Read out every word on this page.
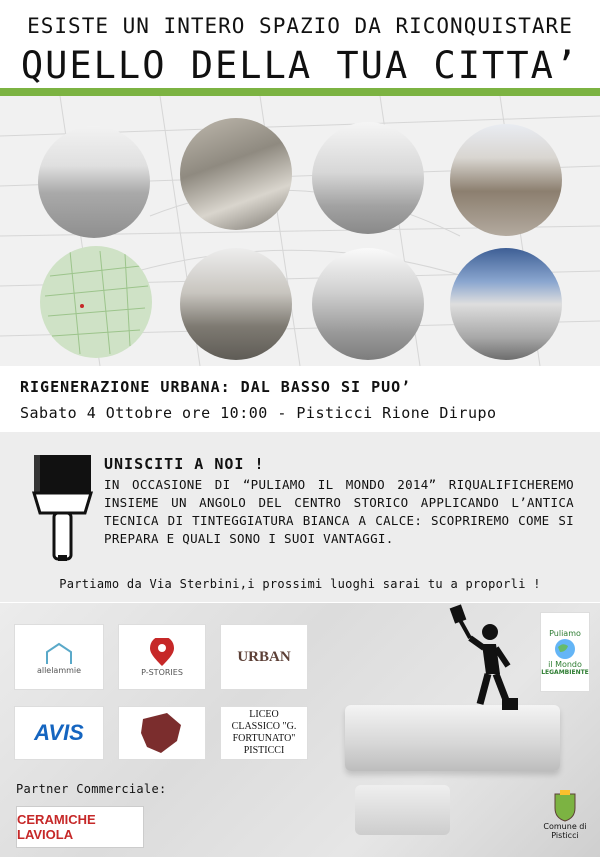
ESISTE UN INTERO SPAZIO DA RICONQUISTARE
QUELLO DELLA TUA CITTA’
RIGENERAZIONE URBANA: DAL BASSO SI PUO’
Sabato 4 Ottobre ore 10:00 - Pisticci Rione Dirupo
UNISCITI A NOI !
IN OCCASIONE DI “PULIAMO IL MONDO 2014” RIQUALIFICHEREMO INSIEME UN ANGOLO DEL CENTRO STORICO APPLICANDO L’ANTICA TECNICA DI TINTEGGIATURA BIANCA A CALCE: SCOPRIREMO COME SI PREPARA E QUALI SONO I SUOI VANTAGGI.
Partiamo da Via Sterbini,i prossimi luoghi sarai tu a proporli !
allelammie	P-STORIES
URBAN
AVIS
LICEO CLASSICO "G. FORTUNATO" PISTICCI
Puliamo
il Mondo
LEGAMBIENTE
Partner Commerciale:
CERAMICHE LAVIOLA
Comune di
Pisticci
